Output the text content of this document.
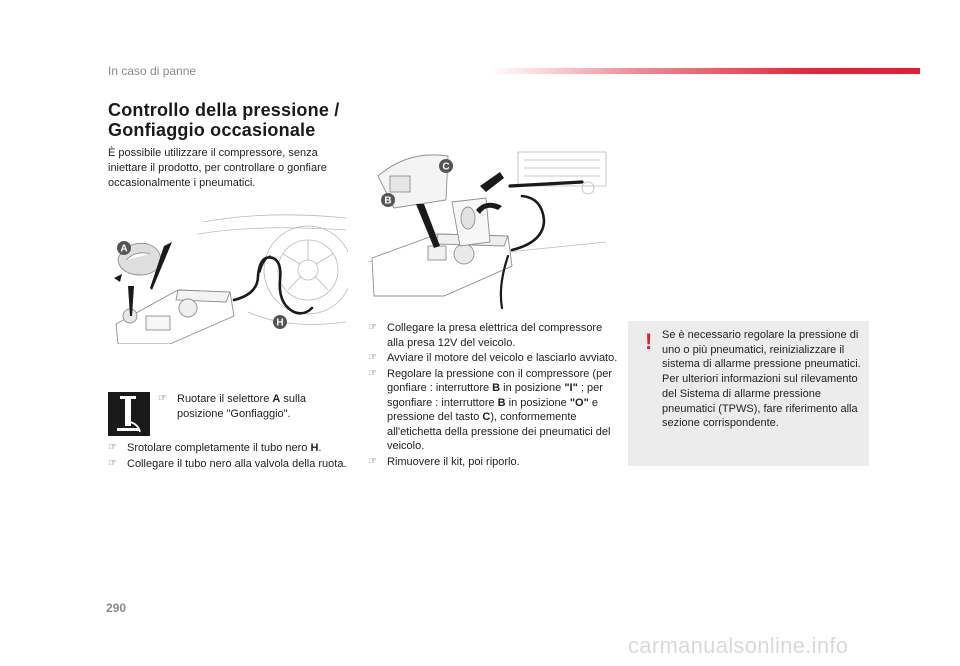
In caso di panne
Controllo della pressione /
Gonfiaggio occasionale

È possibile utilizzare il compressore, senza iniettare il prodotto, per controllare o gonfiare occasionalmente i pneumatici.

A
H
C
B
☞ Ruotare il selettore A sulla posizione "Gonfiaggio".
☞ Srotolare completamente il tubo nero H.
☞ Collegare il tubo nero alla valvola della ruota.
☞ Collegare la presa elettrica del compressore alla presa 12V del veicolo.
☞ Avviare il motore del veicolo e lasciarlo avviato.
☞ Regolare la pressione con il compressore (per gonfiare : interruttore B in posizione "I" ; per sgonfiare : interruttore B in posizione "O" e pressione del tasto C), conformemente all'etichetta della pressione dei pneumatici del veicolo.
☞ Rimuovere il kit, poi riporlo.
! Se è necessario regolare la pressione di uno o più pneumatici, reinizializzare il sistema di allarme pressione pneumatici.
Per ulteriori informazioni sul rilevamento del Sistema di allarme pressione pneumatici (TPWS), fare riferimento alla sezione corrispondente.
290
carmanualsonline.info
